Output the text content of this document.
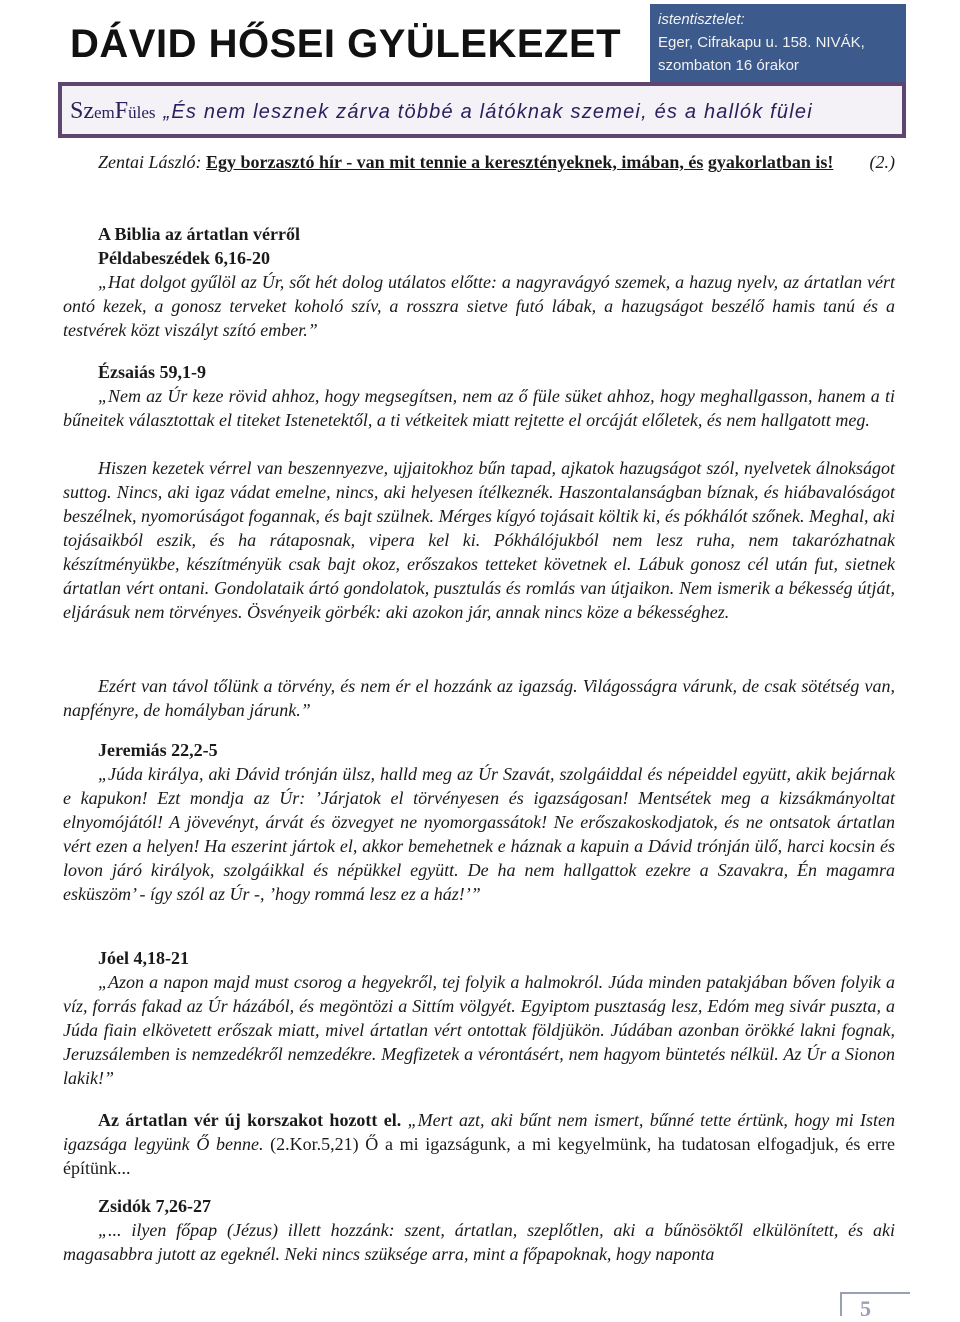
DÁVID HŐSEI GYÜLEKEZET
istentisztelet:
Eger, Cifrakapu u. 158. NIVÁK,
szombaton 16 órakor
SzemFüles „És nem lesznek zárva többé a látóknak szemei, és a hallók fülei

Zentai László: Egy borzasztó hír - van mit tennie a keresztényeknek, imában, és gyakorlatban is! (2.)

A Biblia az ártatlan vérről

Példabeszédek 6,16-20

„Hat dolgot gyűlöl az Úr, sőt hét dolog utálatos előtte: a nagyravágyó szemek, a hazug nyelv, az ártatlan vért ontó kezek, a gonosz terveket koholó szív, a rosszra sietve futó lábak, a hazugságot beszélő hamis tanú és a testvérek közt viszályt szító ember.”

Ézsaiás 59,1-9

„Nem az Úr keze rövid ahhoz, hogy megsegítsen, nem az ő füle süket ahhoz, hogy meghallgasson, hanem a ti bűneitek választottak el titeket Istenetektől, a ti vétkeitek miatt rejtette el orcáját előletek, és nem hallgatott meg.

Hiszen kezetek vérrel van beszennyezve, ujjaitokhoz bűn tapad, ajkatok hazugságot szól, nyelvetek álnokságot suttog. Nincs, aki igaz vádat emelne, nincs, aki helyesen ítélkeznék. Haszontalanságban bíznak, és hiábavalóságot beszélnek, nyomorúságot fogannak, és bajt szülnek. Mérges kígyó tojásait költik ki, és pókhálót szőnek. Meghal, aki tojásaikból eszik, és ha rátaposnak, vipera kel ki. Pókhálójukból nem lesz ruha, nem takarózhatnak készítményükbe, készítményük csak bajt okoz, erőszakos tetteket követnek el. Lábuk gonosz cél után fut, sietnek ártatlan vért ontani. Gondolataik ártó gondolatok, pusztulás és romlás van útjaikon. Nem ismerik a békesség útját, eljárásuk nem törvényes. Ösvényeik görbék: aki azokon jár, annak nincs köze a békességhez.

Ezért van távol tőlünk a törvény, és nem ér el hozzánk az igazság. Világosságra várunk, de csak sötétség van, napfényre, de homályban járunk.”

Jeremiás 22,2-5

„Júda királya, aki Dávid trónján ülsz, halld meg az Úr Szavát, szolgáiddal és népeiddel együtt, akik bejárnak e kapukon! Ezt mondja az Úr: ’Járjatok el törvényesen és igazságosan! Mentsétek meg a kizsákmányoltat elnyomójától! A jövevényt, árvát és özvegyet ne nyomorgassátok! Ne erőszakoskodjatok, és ne ontsatok ártatlan vért ezen a helyen! Ha eszerint jártok el, akkor bemehetnek e háznak a kapuin a Dávid trónján ülő, harci kocsin és lovon járó királyok, szolgáikkal és népükkel együtt. De ha nem hallgattok ezekre a Szavakra, Én magamra esküszöm’ - így szól az Úr -, ’hogy rommá lesz ez a ház!’”

Jóel 4,18-21

„Azon a napon majd must csorog a hegyekről, tej folyik a halmokról. Júda minden patakjában bőven folyik a víz, forrás fakad az Úr házából, és megöntözi a Sittím völgyét. Egyiptom pusztaság lesz, Edóm meg sivár puszta, a Júda fiain elkövetett erőszak miatt, mivel ártatlan vért ontottak földjükön. Júdában azonban örökké lakni fognak, Jeruzsálemben is nemzedékről nemzedékre. Megfizetek a vérontásért, nem hagyom büntetés nélkül. Az Úr a Sionon lakik!”

Az ártatlan vér új korszakot hozott el. „Mert azt, aki bűnt nem ismert, bűnné tette értünk, hogy mi Isten igazsága legyünk Ő benne. (2.Kor.5,21) Ő a mi igazságunk, a mi kegyelmünk, ha tudatosan elfogadjuk, és erre építünk...

Zsidók 7,26-27

„... ilyen főpap (Jézus) illett hozzánk: szent, ártatlan, szeplőtlen, aki a bűnösöktől elkülönített, és aki magasabbra jutott az egeknél. Neki nincs szüksége arra, mint a főpapoknak, hogy naponta

5
